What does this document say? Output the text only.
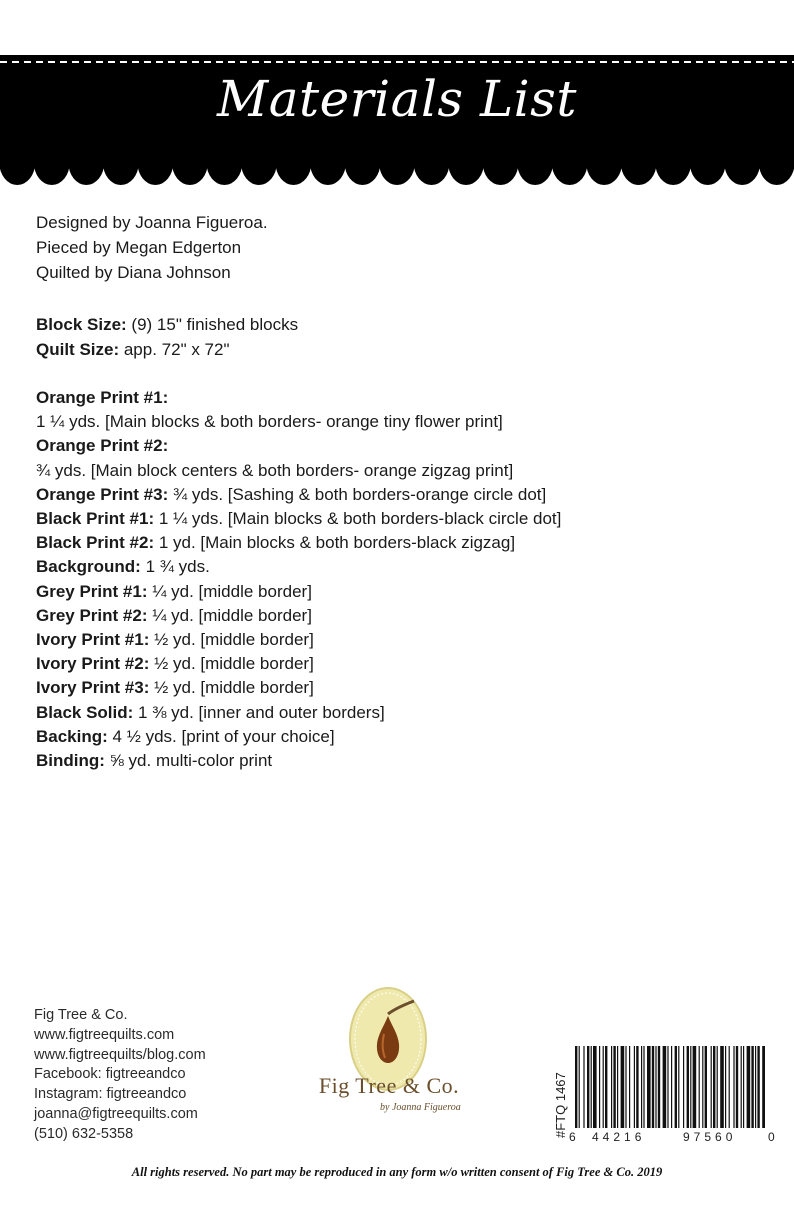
Materials List
Designed by Joanna Figueroa.
Pieced by Megan Edgerton
Quilted by Diana Johnson
Block Size: (9) 15" finished blocks
Quilt Size: app. 72" x 72"
Orange Print #1:
1 ¼ yds. [Main blocks & both borders- orange tiny flower print]
Orange Print #2:
¾ yds. [Main block centers & both borders- orange zigzag print]
Orange Print #3: ¾ yds. [Sashing & both borders-orange circle dot]
Black Print #1: 1 ¼ yds. [Main blocks & both borders-black circle dot]
Black Print #2: 1 yd. [Main blocks & both borders-black zigzag]
Background: 1 ¾ yds.
Grey Print #1: ¼ yd. [middle border]
Grey Print #2: ¼ yd. [middle border]
Ivory Print #1: ½ yd. [middle border]
Ivory Print #2: ½ yd. [middle border]
Ivory Print #3: ½ yd. [middle border]
Black Solid: 1 ⅜ yd. [inner and outer borders]
Backing: 4 ½ yds. [print of your choice]
Binding: ⅝ yd. multi-color print
Fig Tree & Co.
www.figtreequilts.com
www.figtreequilts/blog.com
Facebook: figtreeandco
Instagram: figtreeandco
joanna@figtreequilts.com
(510) 632-5358
Fig Tree & Co.
by Joanna Figueroa	#FTQ 1467 6 44216	97560	0
All rights reserved. No part may be reproduced in any form w/o written consent of Fig Tree & Co. 2019
